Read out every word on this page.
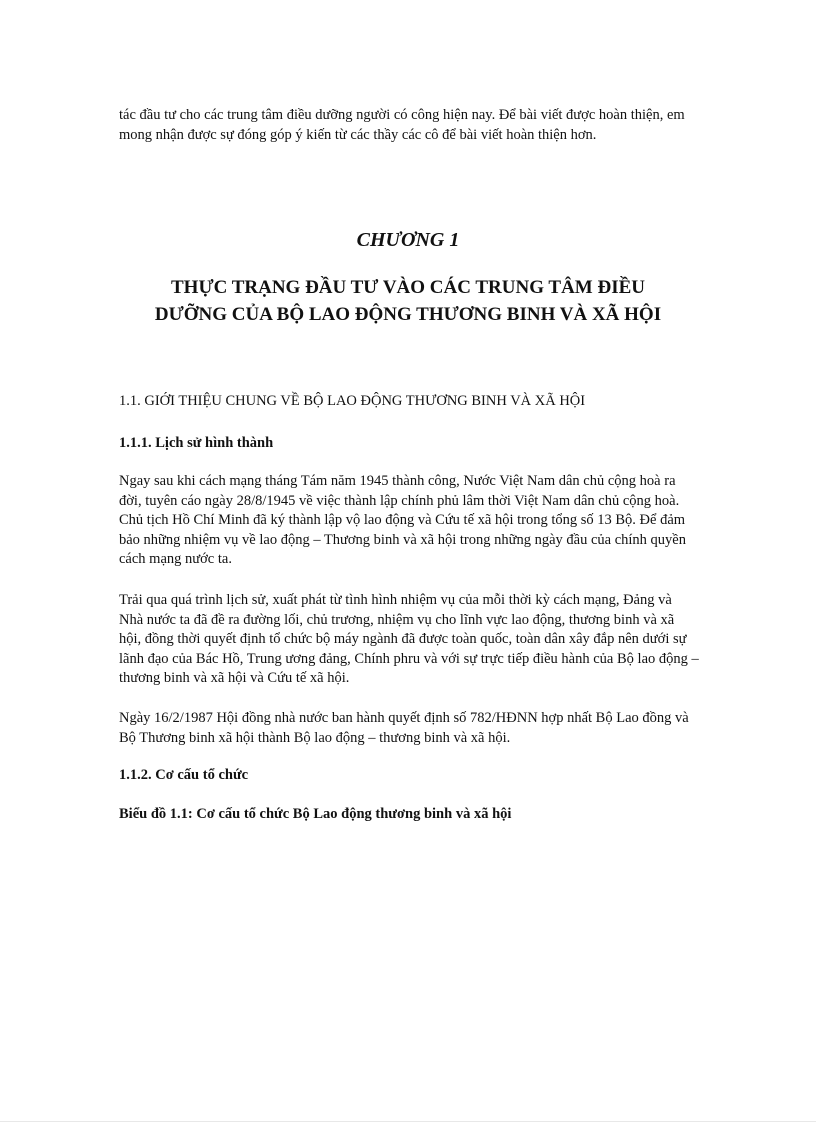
tác đầu tư cho các trung tâm điều dưỡng người có công hiện nay. Để bài viết được hoàn thiện, em mong nhận được sự đóng góp ý kiến từ các thầy các cô để bài viết hoàn thiện hơn.

CHƯƠNG 1

THỰC TRẠNG ĐẦU TƯ VÀO CÁC TRUNG TÂM ĐIỀU
DƯỠNG CỦA BỘ LAO ĐỘNG THƯƠNG BINH VÀ XÃ HỘI

1.1. GIỚI THIỆU CHUNG VỀ BỘ LAO ĐỘNG THƯƠNG BINH VÀ XÃ HỘI

1.1.1. Lịch sử hình thành

Ngay sau khi cách mạng tháng Tám năm 1945 thành công, Nước Việt Nam dân chủ cộng hoà ra đời, tuyên cáo ngày 28/8/1945 về việc thành lập chính phủ lâm thời Việt Nam dân chủ cộng hoà. Chủ tịch Hồ Chí Minh đã ký thành lập vộ lao động và Cứu tế xã hội trong tổng số 13 Bộ. Để đảm bảo những nhiệm vụ về lao động – Thương binh và xã hội trong những ngày đầu của chính quyền cách mạng nước ta.

Trải qua quá trình lịch sử, xuất phát từ tình hình nhiệm vụ của mỗi thời kỳ cách mạng, Đảng và Nhà nước ta đã đề ra đường lối, chủ trương, nhiệm vụ cho lĩnh vực lao động, thương binh và xã hội, đồng thời quyết định tổ chức bộ máy ngành đã được toàn quốc, toàn dân xây đắp nên dưới sự lãnh đạo của Bác Hồ, Trung ương đảng, Chính phru và với sự trực tiếp điều hành của Bộ lao động – thương binh và xã hội và Cứu tế xã hội.

Ngày 16/2/1987 Hội đồng nhà nước ban hành quyết định số 782/HĐNN hợp nhất Bộ Lao đồng và Bộ Thương binh xã hội thành Bộ lao động – thương binh và xã hội.

1.1.2. Cơ cấu tổ chức

Biểu đồ 1.1: Cơ cấu tổ chức Bộ Lao động thương binh và xã hội
